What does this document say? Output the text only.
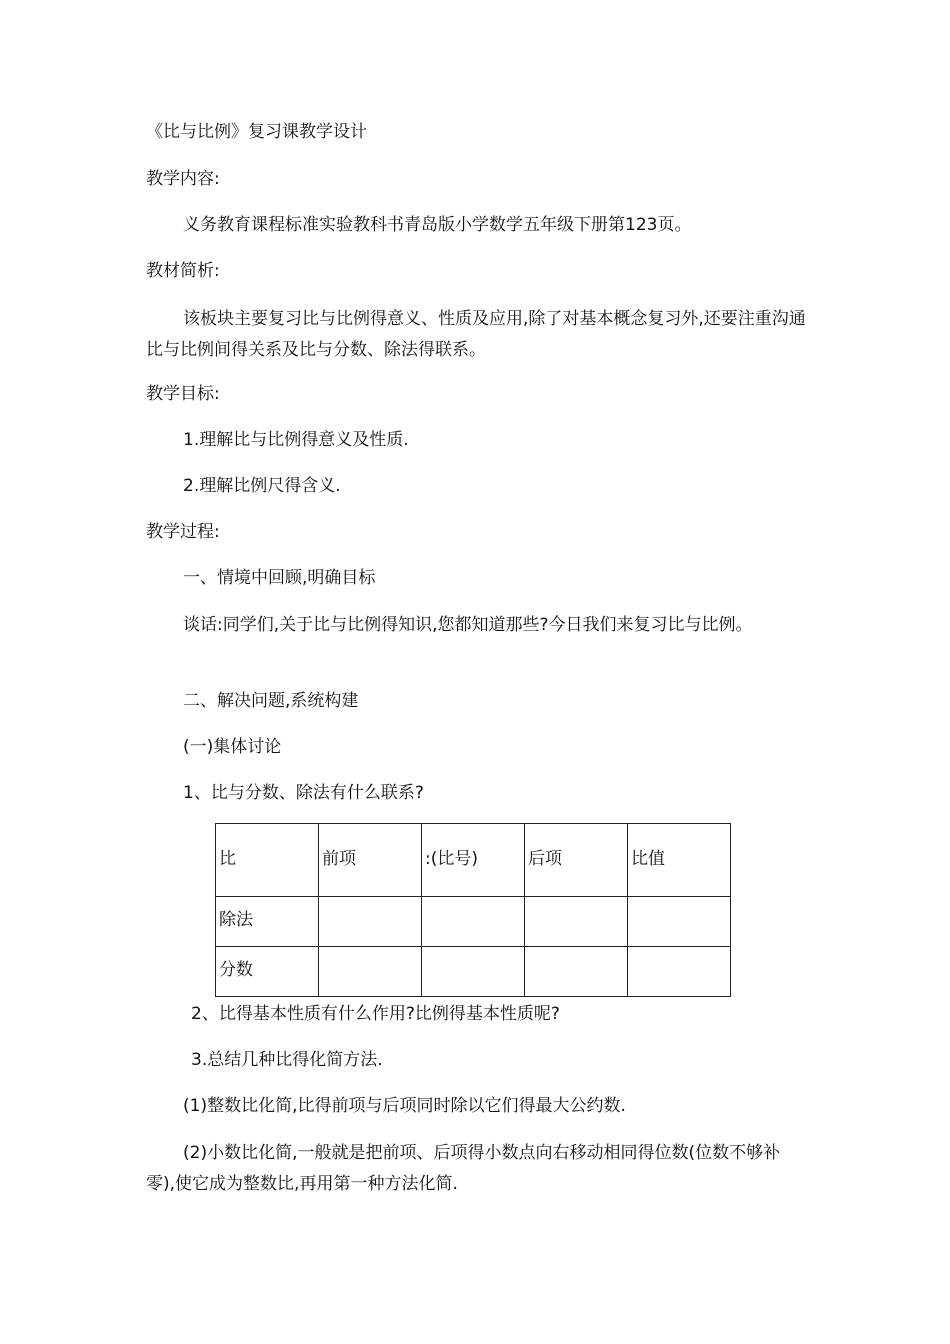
《比与比例》复习课教学设计
教学内容:
义务教育课程标准实验教科书青岛版小学数学五年级下册第123页。
教材简析:
该板块主要复习比与比例得意义、性质及应用,除了对基本概念复习外,还要注重沟通比与比例间得关系及比与分数、除法得联系。
教学目标:
1.理解比与比例得意义及性质.
2.理解比例尺得含义.
教学过程:
一、情境中回顾,明确目标
谈话:同学们,关于比与比例得知识,您都知道那些?今日我们来复习比与比例。
二、解决问题,系统构建
(一)集体讨论
1、比与分数、除法有什么联系?
比	前项	:(比号)	后项	比值
除法				
分数				
2、比得基本性质有什么作用?比例得基本性质呢?
3.总结几种比得化简方法.
(1)整数比化简,比得前项与后项同时除以它们得最大公约数.
(2)小数比化简,一般就是把前项、后项得小数点向右移动相同得位数(位数不够补零),使它成为整数比,再用第一种方法化简.
